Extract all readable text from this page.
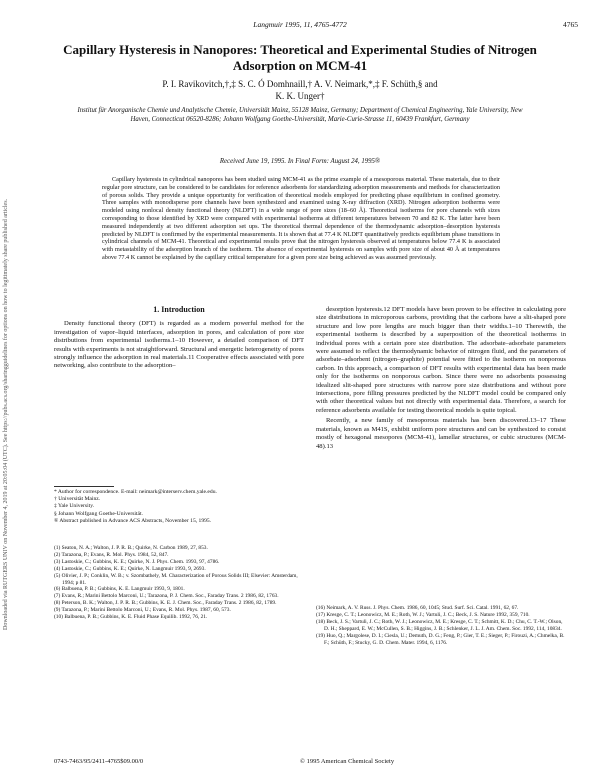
Langmuir 1995, 11, 4765-4772	4765
Downloaded via RUTGERS UNIV on November 4, 2019 at 20:05:04 (UTC). See https://pubs.acs.org/sharingguidelines for options on how to legitimately share published articles.
Capillary Hysteresis in Nanopores: Theoretical and Experimental Studies of Nitrogen Adsorption on MCM-41
P. I. Ravikovitch,†,‡ S. C. Ó Domhnaill,† A. V. Neimark,*,‡ F. Schüth,§ and
K. K. Unger†
Institut für Anorganische Chemie und Analytische Chemie, Universität Mainz, 55128 Mainz, Germany; Department of Chemical Engineering, Yale University, New Haven, Connecticut 06520-8286; Johann Wolfgang Goethe-Universität, Marie-Curie-Strasse 11, 60439 Frankfurt, Germany
Received June 19, 1995. In Final Form: August 24, 1995®
Capillary hysteresis in cylindrical nanopores has been studied using MCM-41 as the prime example of a mesoporous material. These materials, due to their regular pore structure, can be considered to be candidates for reference adsorbents for standardizing adsorption measurements and methods for characterization of porous solids. They provide a unique opportunity for verification of theoretical models employed for predicting phase equilibrium in confined geometry. Three samples with monodisperse pore channels have been synthesized and examined using X-ray diffraction (XRD). Nitrogen adsorption isotherms were modeled using nonlocal density functional theory (NLDFT) in a wide range of pore sizes (18–60 Å). Theoretical isotherms for pore channels with sizes corresponding to those identified by XRD were compared with experimental isotherms at different temperatures between 70 and 82 K. The latter have been measured independently at two different adsorption set ups. The theoretical thermal dependence of the thermodynamic adsorption–desorption hysteresis predicted by NLDFT is confirmed by the experimental measurements. It is shown that at 77.4 K NLDFT quantitatively predicts equilibrium phase transitions in cylindrical channels of MCM-41. Theoretical and experimental results prove that the nitrogen hysteresis observed at temperatures below 77.4 K is associated with metastability of the adsorption branch of the isotherm. The absence of experimental hysteresis on samples with pore size of about 40 Å at temperatures above 77.4 K cannot be explained by the capillary critical temperature for a given pore size being achieved as was assumed previously.
1. Introduction
Density functional theory (DFT) is regarded as a modern powerful method for the investigation of vapor–liquid interfaces, adsorption in pores, and calculation of pore size distributions from experimental isotherms.1–10 However, a detailed comparison of DFT results with experiments is not straightforward. Structural and energetic heterogeneity of pores strongly influence the adsorption in real materials.11 Cooperative effects associated with pore networking, also contribute to the adsorption–
desorption hysteresis.12 DFT models have been proven to be effective in calculating pore size distributions in microporous carbons, providing that the carbons have a slit-shaped pore structure and low pore lengths are much bigger than their widths.1–10 Therewith, the experimental isotherm is described by a superposition of the theoretical isotherms in individual pores with a certain pore size distribution. The adsorbate–adsorbate parameters were assumed to reflect the thermodynamic behavior of nitrogen fluid, and the parameters of adsorbate–adsorbent (nitrogen–graphite) potential were fitted to the isotherm on nonporous carbon. In this approach, a comparison of DFT results with experimental data has been made only for the isotherms on nonporous carbon. Since there were no adsorbents possessing idealized slit-shaped pore structures with narrow pore size distributions and without pore intersections, pore filling pressures predicted by the NLDFT model could be compared only with other theoretical values but not directly with experimental data. Therefore, a search for reference adsorbents available for testing theoretical models is quite topical.
Recently, a new family of mesoporous materials has been discovered.13–17 These materials, known as M41S, exhibit uniform pore structures and can be synthesized to consist mostly of hexagonal mesopores (MCM-41), lamellar structures, or cubic structures (MCM-48).13
* Author for correspondence. E-mail: neimark@interserv.chem.yale.edu.
† Universität Mainz.
‡ Yale University.
§ Johann Wolfgang Goethe-Universität.
® Abstract published in Advance ACS Abstracts, November 15, 1995.
(1) Seaton, N. A.; Walton, J. P. R. B.; Quirke, N. Carbon 1989, 27, 853.
(2) Tarazona, P.; Evans, R. Mol. Phys. 1984, 52, 847.
(3) Lastoskie, C.; Gubbins, K. E.; Quirke, N. J. Phys. Chem. 1993, 97, 4786.
(4) Lastoskie, C.; Gubbins, K. E.; Quirke, N. Langmuir 1993, 9, 2693.
(5) Olivier, J. P.; Conklin, W. B.; v. Szombathely, M. Characterization of Porous Solids III; Elsevier: Amsterdam, 1994; p 81.
(6) Balbuena, P. B.; Gubbins, K. E. Langmuir 1993, 9, 1801.
(7) Evans, R.; Marini Bettolo Marconi, U.; Tarazona, P. J. Chem. Soc., Faraday Trans. 2 1986, 82, 1763.
(8) Peterson, B. K.; Walton, J. P. R. B.; Gubbins, K. E. J. Chem. Soc., Faraday Trans. 2 1986, 82, 1789.
(9) Tarazona, P.; Marini Bettolo Marconi, U.; Evans, R. Mol. Phys. 1987, 60, 573.
(10) Balbuena, P. B.; Gubbins, K. E. Fluid Phase Equilib. 1992, 76, 21.
(16) Neimark, A. V. Russ. J. Phys. Chem. 1986, 60, 1045; Stud. Surf. Sci. Catal. 1991, 62, 67.
(17) Kresge, C. T.; Leonowicz, M. E.; Roth, W. J.; Vartuli, J. C.; Beck, J. S. Nature 1992, 359, 710.
(18) Beck, J. S.; Vartuli, J. C.; Roth, W. J.; Leonowicz, M. E.; Kresge, C. T.; Schmitt, K. D.; Chu, C. T.-W.; Olson, D. H.; Sheppard, E. W.; McCullen, S. B.; Higgins, J. B.; Schlenker, J. L. J. Am. Chem. Soc. 1992, 114, 10834.
(19) Huo, Q.; Margolese, D. I.; Ciesla, U.; Demuth, D. G.; Feng, P.; Gier, T. E.; Sieger, P.; Firouzi, A.; Chmelka, B. F.; Schüth, F.; Stucky, G. D. Chem. Mater. 1994, 6, 1176.
0743-7463/95/2411-4765$09.00/0	© 1995 American Chemical Society
